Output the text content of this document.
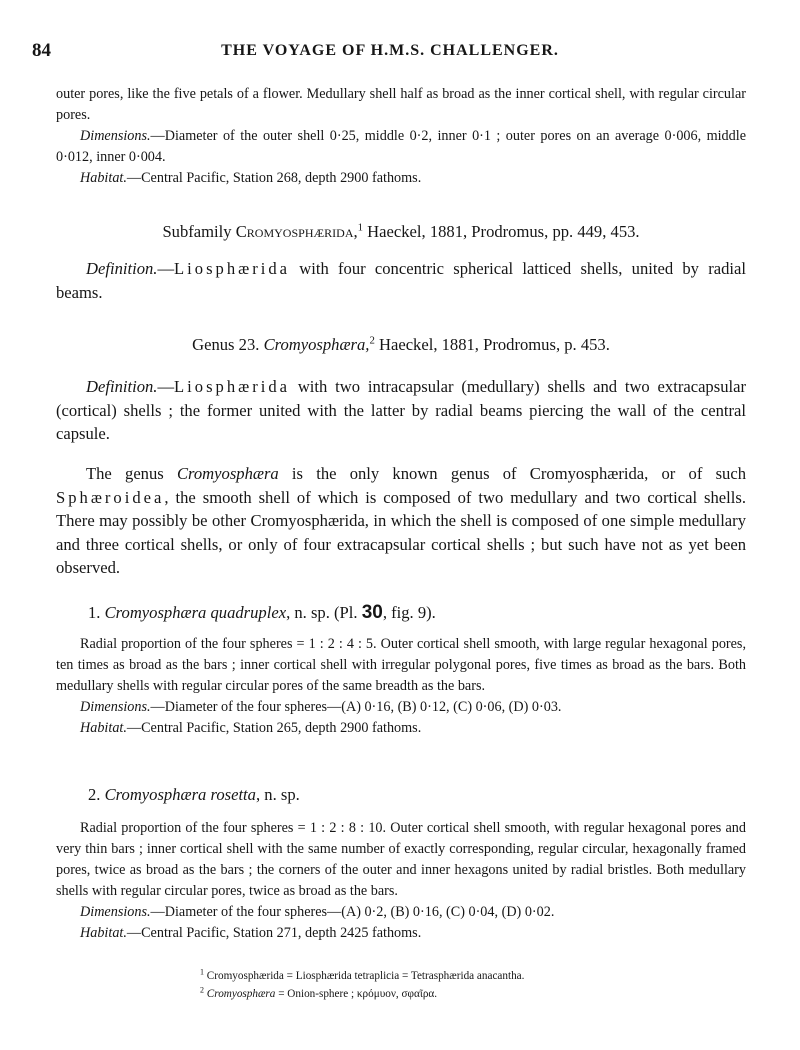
84	THE VOYAGE OF H.M.S. CHALLENGER.
outer pores, like the five petals of a flower. Medullary shell half as broad as the inner cortical shell, with regular circular pores.
Dimensions.—Diameter of the outer shell 0·25, middle 0·2, inner 0·1 ; outer pores on an average 0·006, middle 0·012, inner 0·004.
Habitat.—Central Pacific, Station 268, depth 2900 fathoms.
Subfamily Cromyosphærida,$^1$ Haeckel, 1881, Prodromus, pp. 449, 453.
Definition.—Liosphærida with four concentric spherical latticed shells, united by radial beams.
Genus 23. Cromyosphæra,$^2$ Haeckel, 1881, Prodromus, p. 453.
Definition.—Liosphærida with two intracapsular (medullary) shells and two extracapsular (cortical) shells ; the former united with the latter by radial beams piercing the wall of the central capsule.
The genus Cromyosphæra is the only known genus of Cromyosphærida, or of such Sphæroidea, the smooth shell of which is composed of two medullary and two cortical shells. There may possibly be other Cromyosphærida, in which the shell is composed of one simple medullary and three cortical shells, or only of four extracapsular cortical shells ; but such have not as yet been observed.
1. Cromyosphæra quadruplex, n. sp. (Pl. 30, fig. 9).
Radial proportion of the four spheres = 1 : 2 : 4 : 5. Outer cortical shell smooth, with large regular hexagonal pores, ten times as broad as the bars ; inner cortical shell with irregular polygonal pores, five times as broad as the bars. Both medullary shells with regular circular pores of the same breadth as the bars.
Dimensions.—Diameter of the four spheres—(A) 0·16, (B) 0·12, (C) 0·06, (D) 0·03.
Habitat.—Central Pacific, Station 265, depth 2900 fathoms.
2. Cromyosphæra rosetta, n. sp.
Radial proportion of the four spheres = 1 : 2 : 8 : 10. Outer cortical shell smooth, with regular hexagonal pores and very thin bars ; inner cortical shell with the same number of exactly corresponding, regular circular, hexagonally framed pores, twice as broad as the bars ; the corners of the outer and inner hexagons united by radial bristles. Both medullary shells with regular circular pores, twice as broad as the bars.
Dimensions.—Diameter of the four spheres—(A) 0·2, (B) 0·16, (C) 0·04, (D) 0·02.
Habitat.—Central Pacific, Station 271, depth 2425 fathoms.
$^1$ Cromyosphærida = Liosphærida tetraplicia = Tetrasphærida anacantha.
$^2$ Cromyosphæra = Onion-sphere ; κρόμυον, σφαῖρα.
